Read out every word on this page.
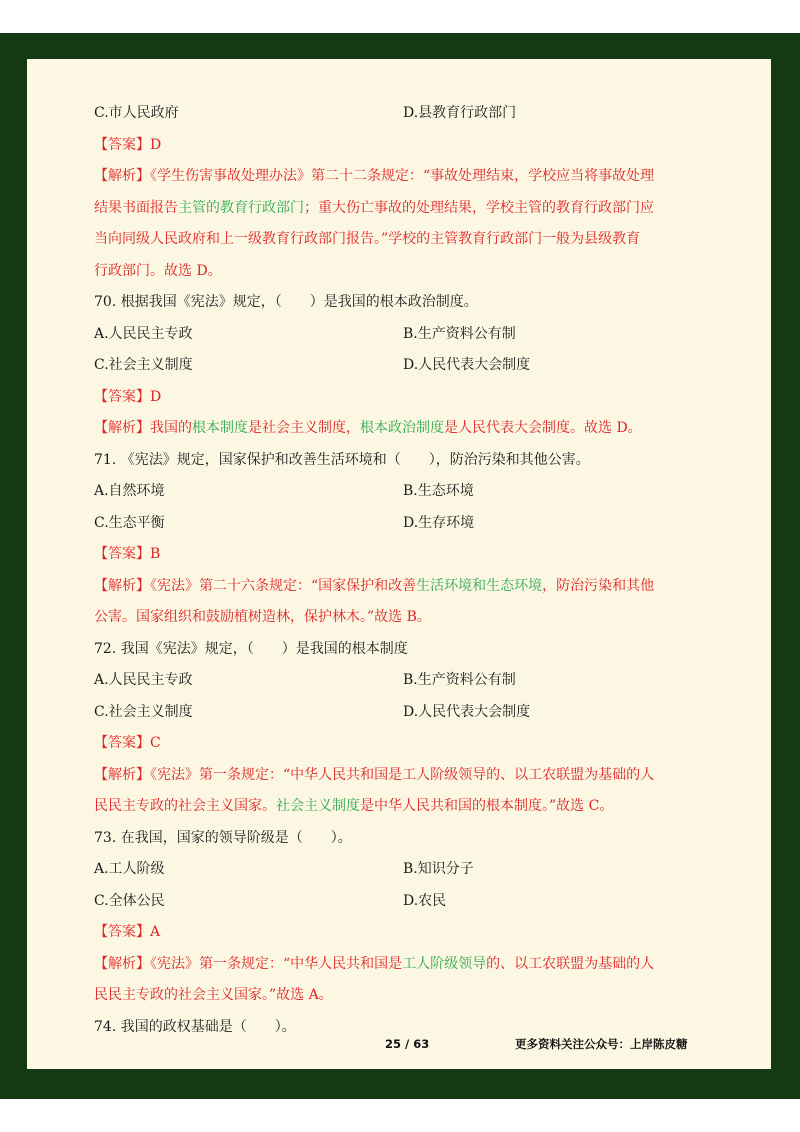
C.市人民政府	D.县教育行政部门
【答案】D

【解析】《学生伤害事故处理办法》第二十二条规定：“事故处理结束，学校应当将事故处理

结果书面报告主管的教育行政部门；重大伤亡事故的处理结果，学校主管的教育行政部门应

当向同级人民政府和上一级教育行政部门报告。”学校的主管教育行政部门一般为县级教育

行政部门。故选 D。

70. 根据我国《宪法》规定，（　　）是我国的根本政治制度。
A.人民民主专政	B.生产资料公有制
C.社会主义制度	D.人民代表大会制度
【答案】D

【解析】我国的根本制度是社会主义制度，根本政治制度是人民代表大会制度。故选 D。

71. 《宪法》规定，国家保护和改善生活环境和（　　），防治污染和其他公害。
A.自然环境	B.生态环境
C.生态平衡	D.生存环境
【答案】B

【解析】《宪法》第二十六条规定：“国家保护和改善生活环境和生态环境，防治污染和其他

公害。国家组织和鼓励植树造林，保护林木。”故选 B。

72. 我国《宪法》规定，（　　）是我国的根本制度
A.人民民主专政	B.生产资料公有制
C.社会主义制度	D.人民代表大会制度
【答案】C

【解析】《宪法》第一条规定：“中华人民共和国是工人阶级领导的、以工农联盟为基础的人

民民主专政的社会主义国家。社会主义制度是中华人民共和国的根本制度。”故选 C。

73. 在我国，国家的领导阶级是（　　）。
A.工人阶级	B.知识分子
C.全体公民	D.农民
【答案】A

【解析】《宪法》第一条规定：“中华人民共和国是工人阶级领导的、以工农联盟为基础的人

民民主专政的社会主义国家。”故选 A。

74. 我国的政权基础是（　　）。
25 / 63	更多资料关注公众号：上岸陈皮糖
